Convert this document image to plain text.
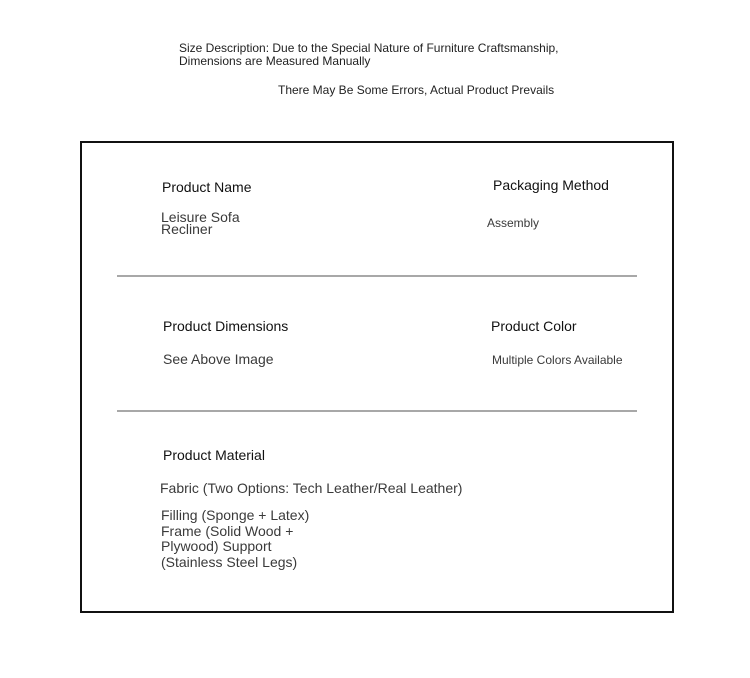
Size Description: Due to the Special Nature of Furniture Craftsmanship,
Dimensions are Measured Manually
There May Be Some Errors, Actual Product Prevails
Product Name
Leisure Sofa
Recliner
Packaging Method
Assembly
Product Dimensions
See Above Image
Product Color
Multiple Colors Available
Product Material
Fabric (Two Options: Tech Leather/Real Leather)
Filling (Sponge + Latex)
Frame (Solid Wood +
Plywood) Support
(Stainless Steel Legs)
